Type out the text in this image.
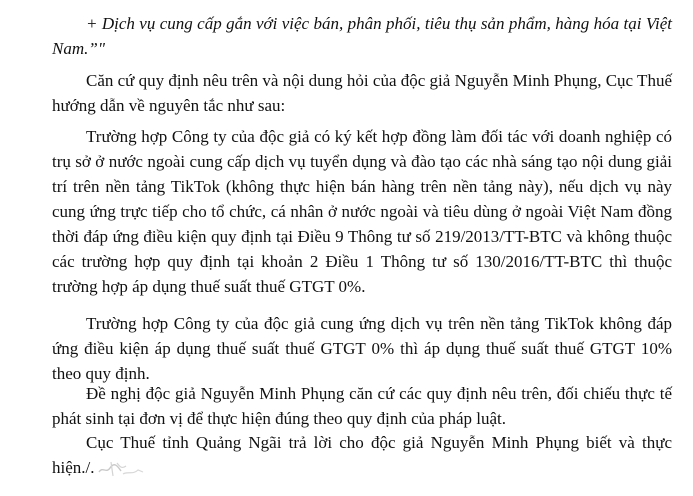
+ Dịch vụ cung cấp gắn với việc bán, phân phối, tiêu thụ sản phẩm, hàng hóa tại Việt Nam.”"

Căn cứ quy định nêu trên và nội dung hỏi của độc giả Nguyễn Minh Phụng, Cục Thuế hướng dẫn về nguyên tắc như sau:

Trường hợp Công ty của độc giả có ký kết hợp đồng làm đối tác với doanh nghiệp có trụ sở ở nước ngoài cung cấp dịch vụ tuyển dụng và đào tạo các nhà sáng tạo nội dung giải trí trên nền tảng TikTok (không thực hiện bán hàng trên nền tảng này), nếu dịch vụ này cung ứng trực tiếp cho tổ chức, cá nhân ở nước ngoài và tiêu dùng ở ngoài Việt Nam đồng thời đáp ứng điều kiện quy định tại Điều 9 Thông tư số 219/2013/TT-BTC và không thuộc các trường hợp quy định tại khoản 2 Điều 1 Thông tư số 130/2016/TT-BTC thì thuộc trường hợp áp dụng thuế suất thuế GTGT 0%.

Trường hợp Công ty của độc giả cung ứng dịch vụ trên nền tảng TikTok không đáp ứng điều kiện áp dụng thuế suất thuế GTGT 0% thì áp dụng thuế suất thuế GTGT 10% theo quy định.

Đề nghị độc giả Nguyễn Minh Phụng căn cứ các quy định nêu trên, đối chiếu thực tế phát sinh tại đơn vị để thực hiện đúng theo quy định của pháp luật.

Cục Thuế tỉnh Quảng Ngãi trả lời cho độc giả Nguyễn Minh Phụng biết và thực hiện./.
